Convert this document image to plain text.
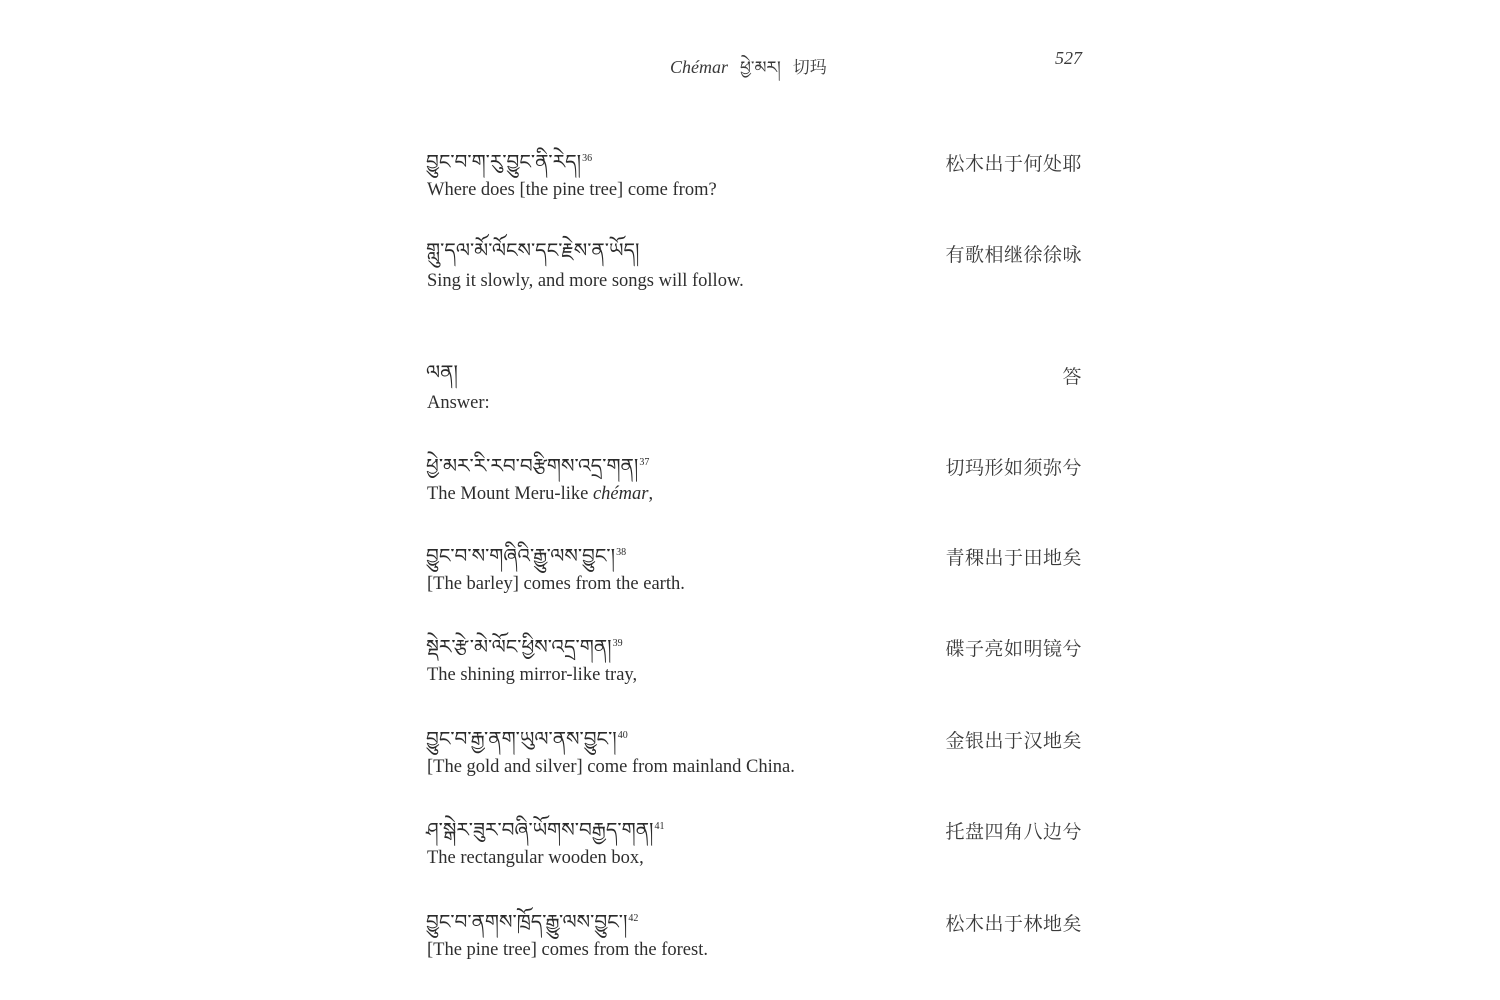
Chémar ཕྱེ་མར། 切玛	527
བྱུང་བ་ག་རུ་བྱུང་ནི་རེད།$^{36}$
Where does [the pine tree] come from?
松木出于何处耶
གླུ་དལ་མོ་ལོངས་དང་རྗེས་ན་ཡོད།
Sing it slowly, and more songs will follow.
有歌相继徐徐咏
ལན།
Answer:
答
ཕྱེ་མར་རི་རབ་བརྩིགས་འདྲ་གན།$^{37}$
The Mount Meru-like chémar,
切玛形如须弥兮
བྱུང་བ་ས་གཞིའི་རྒྱུ་ལས་བྱུང་།$^{38}$
[The barley] comes from the earth.
青稞出于田地矣
སྡེར་རྩེ་མེ་ལོང་ཕྱིས་འདྲ་གན།$^{39}$
The shining mirror-like tray,
碟子亮如明镜兮
བྱུང་བ་རྒྱ་ནག་ཡུལ་ནས་བྱུང་།$^{40}$
[The gold and silver] come from mainland China.
金银出于汉地矣
ཤ་སྒེར་ཟུར་བཞི་ཡོགས་བརྒྱད་གན།$^{41}$
The rectangular wooden box,
托盘四角八边兮
བྱུང་བ་ནགས་ཁྲོད་རྒྱུ་ལས་བྱུང་།$^{42}$
[The pine tree] comes from the forest.
松木出于林地矣
